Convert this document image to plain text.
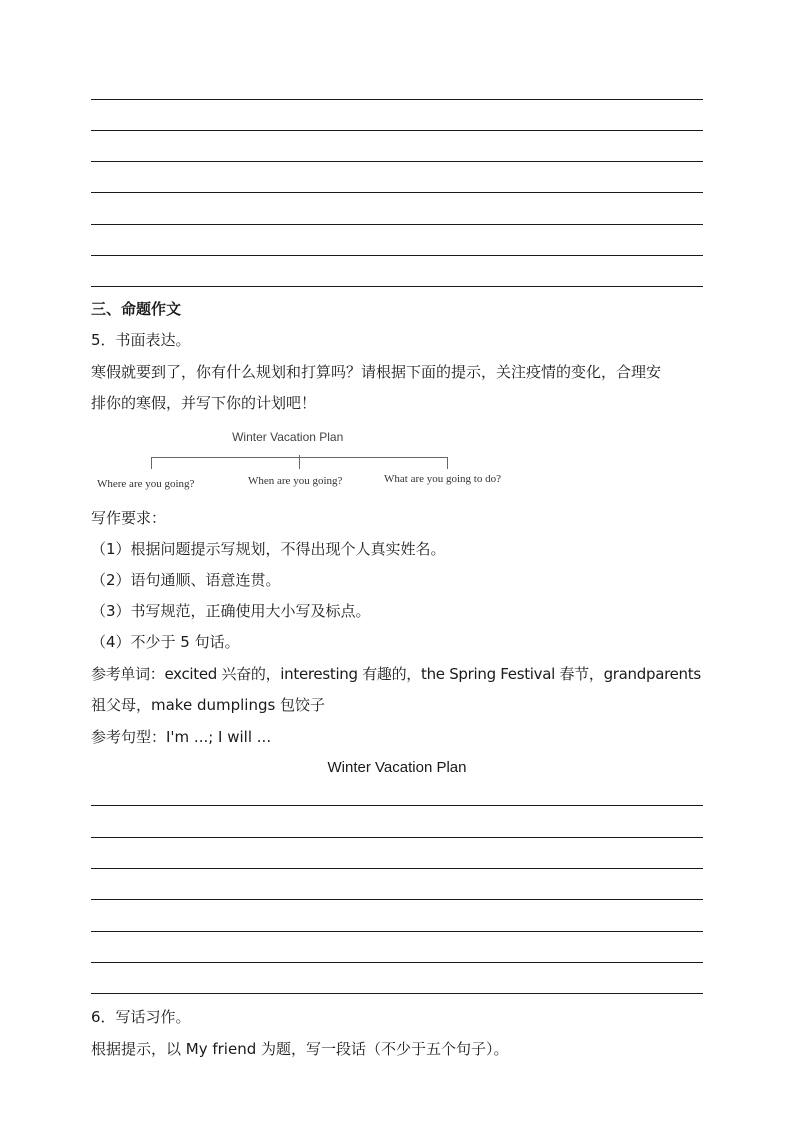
三、命题作文
5．书面表达。
寒假就要到了，你有什么规划和打算吗？请根据下面的提示，关注疫情的变化，合理安
排你的寒假，并写下你的计划吧！
Winter Vacation Plan
Where are you going?	When are you going?	What are you going to do?
写作要求：
（1）根据问题提示写规划，不得出现个人真实姓名。
（2）语句通顺、语意连贯。
（3）书写规范，正确使用大小写及标点。
（4）不少于 5 句话。
参考单词：excited 兴奋的，interesting 有趣的，the Spring Festival 春节，grandparents
祖父母，make dumplings 包饺子
参考句型：I'm ...; I will ...
Winter Vacation Plan
6．写话习作。
根据提示，以 My friend 为题，写一段话（不少于五个句子）。
